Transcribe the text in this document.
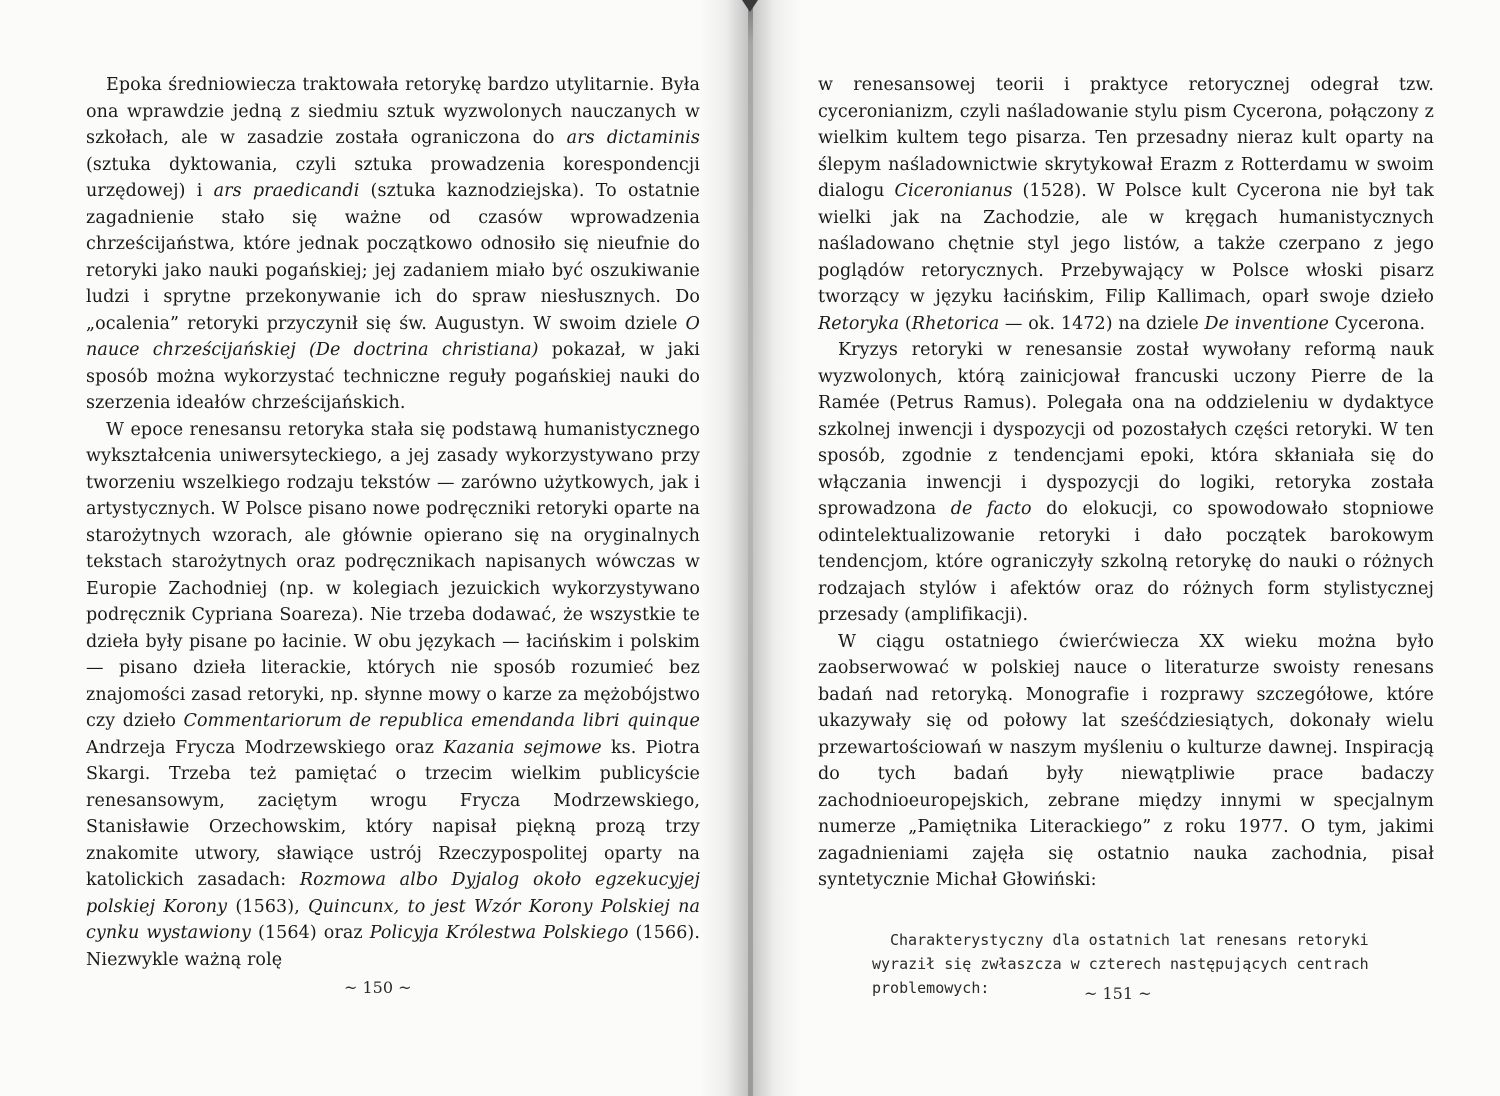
Epoka średniowiecza traktowała retorykę bardzo utylitarnie. Była ona wprawdzie jedną z siedmiu sztuk wyzwolonych nauczanych w szkołach, ale w zasadzie została ograniczona do ars dictaminis (sztuka dyktowania, czyli sztuka prowadzenia korespondencji urzędowej) i ars praedicandi (sztuka kaznodziejska). To ostatnie zagadnienie stało się ważne od czasów wprowadzenia chrześcijaństwa, które jednak początkowo odnosiło się nieufnie do retoryki jako nauki pogańskiej; jej zadaniem miało być oszukiwanie ludzi i sprytne przekonywanie ich do spraw niesłusznych. Do „ocalenia” retoryki przyczynił się św. Augustyn. W swoim dziele O nauce chrześcijańskiej (De doctrina christiana) pokazał, w jaki sposób można wykorzystać techniczne reguły pogańskiej nauki do szerzenia ideałów chrześcijańskich.

W epoce renesansu retoryka stała się podstawą humanistycznego wykształcenia uniwersyteckiego, a jej zasady wykorzystywano przy tworzeniu wszelkiego rodzaju tekstów — zarówno użytkowych, jak i artystycznych. W Polsce pisano nowe podręczniki retoryki oparte na starożytnych wzorach, ale głównie opierano się na oryginalnych tekstach starożytnych oraz podręcznikach napisanych wówczas w Europie Zachodniej (np. w kolegiach jezuickich wykorzystywano podręcznik Cypriana Soareza). Nie trzeba dodawać, że wszystkie te dzieła były pisane po łacinie. W obu językach — łacińskim i polskim — pisano dzieła literackie, których nie sposób rozumieć bez znajomości zasad retoryki, np. słynne mowy o karze za mężobójstwo czy dzieło Commentariorum de republica emendanda libri quinque Andrzeja Frycza Modrzewskiego oraz Kazania sejmowe ks. Piotra Skargi. Trzeba też pamiętać o trzecim wielkim publicyście renesansowym, zaciętym wrogu Frycza Modrzewskiego, Stanisławie Orzechowskim, który napisał piękną prozą trzy znakomite utwory, sławiące ustrój Rzeczypospolitej oparty na katolickich zasadach: Rozmowa albo Dyjalog około egzekucyjej polskiej Korony (1563), Quincunx, to jest Wzór Korony Polskiej na cynku wystawiony (1564) oraz Policyja Królestwa Polskiego (1566). Niezwykle ważną rolę

w renesansowej teorii i praktyce retorycznej odegrał tzw. cyceronianizm, czyli naśladowanie stylu pism Cycerona, połączony z wielkim kultem tego pisarza. Ten przesadny nieraz kult oparty na ślepym naśladownictwie skrytykował Erazm z Rotterdamu w swoim dialogu Ciceronianus (1528). W Polsce kult Cycerona nie był tak wielki jak na Zachodzie, ale w kręgach humanistycznych naśladowano chętnie styl jego listów, a także czerpano z jego poglądów retorycznych. Przebywający w Polsce włoski pisarz tworzący w języku łacińskim, Filip Kallimach, oparł swoje dzieło Retoryka (Rhetorica — ok. 1472) na dziele De inventione Cycerona.

Kryzys retoryki w renesansie został wywołany reformą nauk wyzwolonych, którą zainicjował francuski uczony Pierre de la Ramée (Petrus Ramus). Polegała ona na oddzieleniu w dydaktyce szkolnej inwencji i dyspozycji od pozostałych części retoryki. W ten sposób, zgodnie z tendencjami epoki, która skłaniała się do włączania inwencji i dyspozycji do logiki, retoryka została sprowadzona de facto do elokucji, co spowodowało stopniowe odintelektualizowanie retoryki i dało początek barokowym tendencjom, które ograniczyły szkolną retorykę do nauki o różnych rodzajach stylów i afektów oraz do różnych form stylistycznej przesady (amplifikacji).

W ciągu ostatniego ćwierćwiecza XX wieku można było zaobserwować w polskiej nauce o literaturze swoisty renesans badań nad retoryką. Monografie i rozprawy szczegółowe, które ukazywały się od połowy lat sześćdziesiątych, dokonały wielu przewartościowań w naszym myśleniu o kulturze dawnej. Inspiracją do tych badań były niewątpliwie prace badaczy zachodnioeuropejskich, zebrane między innymi w specjalnym numerze „Pamiętnika Literackiego” z roku 1977. O tym, jakimi zagadnieniami zajęła się ostatnio nauka zachodnia, pisał syntetycznie Michał Głowiński:

Charakterystyczny dla ostatnich lat renesans retoryki wyraził się zwłaszcza w czterech następujących centrach problemowych:
~ 150 ~	~ 151 ~
